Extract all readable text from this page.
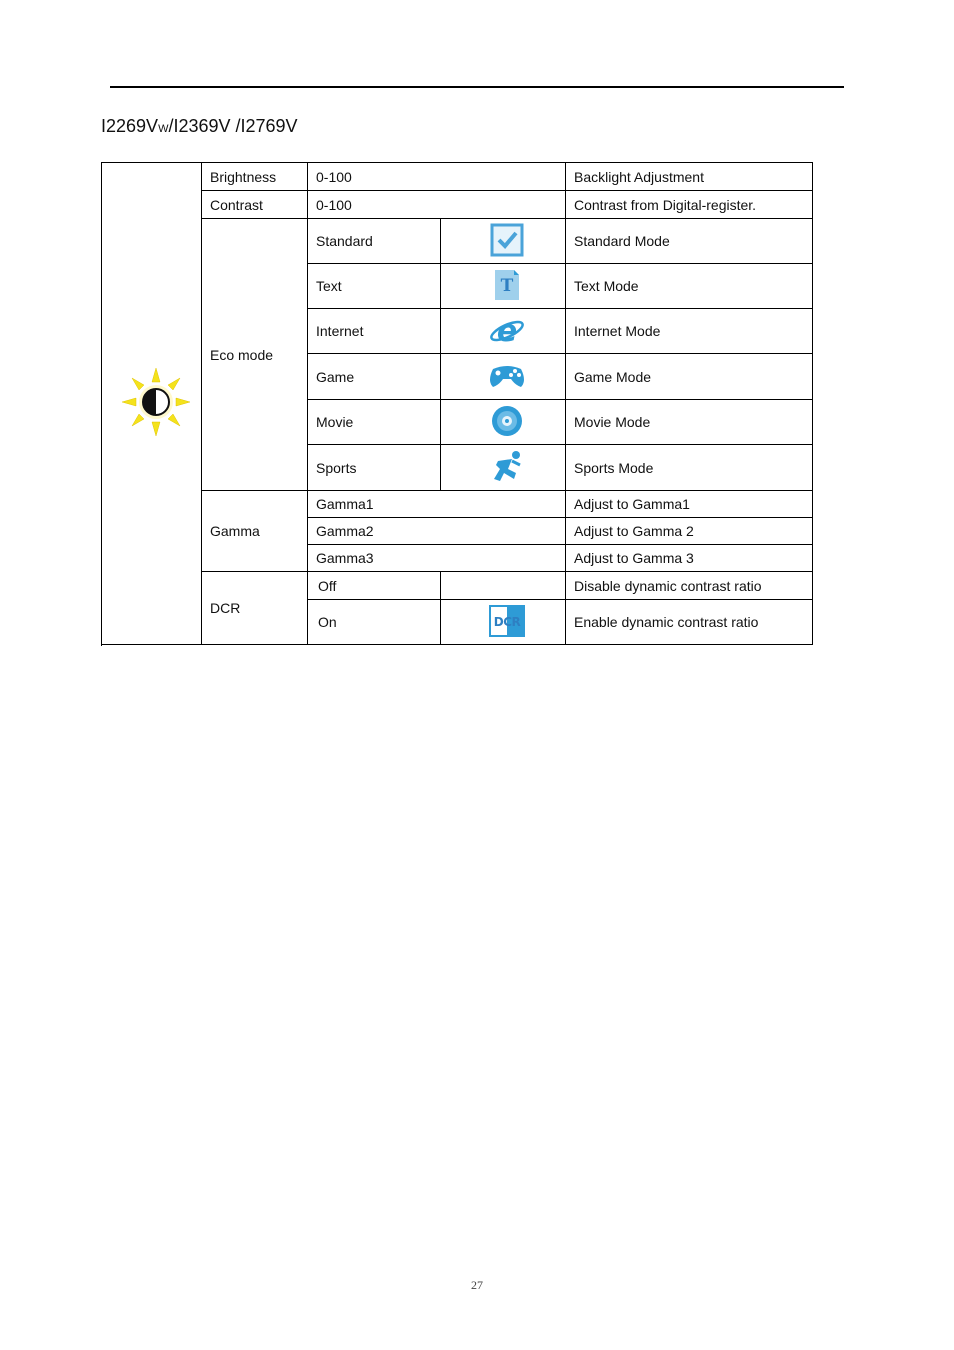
I2269VW/I2369V /I2769V
	Brightness	0-100		Backlight Adjustment
	Contrast	0-100		Contrast from Digital-register.
	Eco mode	Standard		Standard Mode
		Text	T	Text Mode
		Internet	e	Internet Mode
		Game		Game Mode
		Movie		Movie Mode
		Sports		Sports Mode
	Gamma	Gamma1		Adjust to Gamma1
		Gamma2		Adjust to Gamma 2
		Gamma3		Adjust to Gamma 3
	DCR	Off		Disable dynamic contrast ratio
		On	DCR	Enable dynamic contrast ratio

27
